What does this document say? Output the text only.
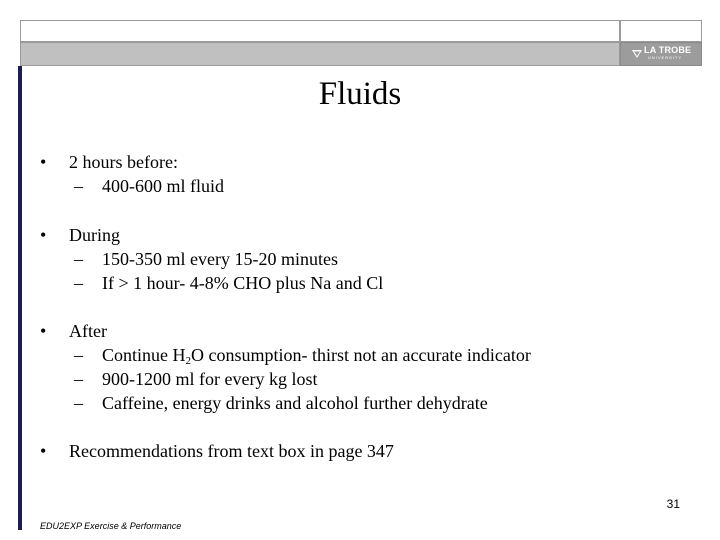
LA TROBE
UNIVERSITY
Fluids
• 2 hours before:
– 400-600 ml fluid
• During
– 150-350 ml every 15-20 minutes
– If > 1 hour- 4-8% CHO plus Na and Cl
• After
– Continue $H_2O$ consumption- thirst not an accurate indicator
– 900-1200 ml for every kg lost
– Caffeine, energy drinks and alcohol further dehydrate
• Recommendations from text box in page 347
31
EDU2EXP Exercise & Performance
